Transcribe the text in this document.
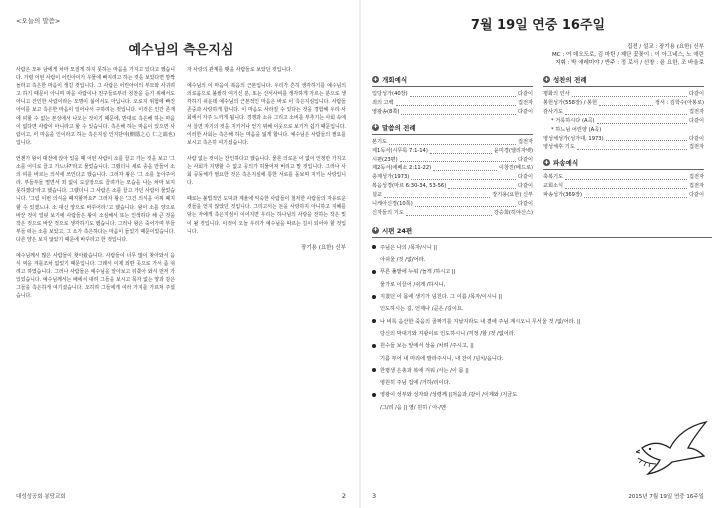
<오늘의 말씀>
예수님의 측은지심

사람은 모두 남에게 차마 모질게 하지 못하는 마음을 가지고 있다고 했습니다. 가령 어떤 사람이 어린아이가 우물에 빠지려고 하는 것을 보았다면 깜짝 놀라고 측은한 마음이 생길 것입니다. 그 사람은 어린아이의 부모와 사귀려고 하기 때문이 아니며 마을 사람이나 친구들로부터 칭찬을 듣기 위해서도 아니고 잔인한 사람이라는 오명이 싫어서도 아닙니다. 오로지 위험에 빠진 아이를 보고 측은한 마음이 일어나서 구하려는 것입니다. 이것은 인간 존재에 피할 수 없는 본성에서 나오는 것이기 때문에, 반대로 측은해 하는 마음이 없다면 사람이 아니라고 할 수 있습니다. 측은해 하는 마음이 있으면 사람이고, 이 마음을 인이라고 하는 측은지심 인지단야(惻隱之心 仁之端也)입니다.

언젠가 왕이 대전에 앉아 있을 때 어떤 사람이 소를 끌고 가는 것을 보고 '그 소를 어디로 끌고 가느냐?'라고 물었습니다. 그랬더니 새로 종을 만들어 소의 피를 바르는 의식에 쓰인다고 했습니다. 그러자 왕은 '그 소를 놓아주어라. 부들부들 떨면서 죄 없이 도살장으로 끌려가는 모습을 나는 차마 보지 못하겠다'라고 했습니다. 그랬더니 그 사람은 소를 끌고 가던 사람이 물었습니다. '그럼 이번 의식을 폐지할까요?' 그러자 왕은 '그건 의식을 어찌 폐지할 수 있겠느냐. 소 대신 양으로 바꾸어라.'고 했습니다. 왕이 소를 양으로 바꾼 것이 얼핏 보기에 사람들은 왕이 소심해서 또는 인색하다 해 큰 것을 작은 것으로 바꾼 것으로 생각하기도 했습니다. 그러나 왕은 죽어가며 부들부들 떠는 소를 보았고, 그 소가 측은하다는 마음이 들었기 때문이었습니다. 다른 양은 보지 않았기 때문에 바꾸라고 한 것입니다.

예수님께서 많은 사람들이 찾아왔습니다. 사람들이 너무 많이 찾아와서 음식 먹을 겨를조차 없었기 때문입니다. 그래서 이제 외딴 곳으로 가서 좀 쉬려고 하였습니다. 그러나 사람들은 예수님을 알아보고 뒤쫓아 와서 먼저 가 있었습니다. 예수님께서는 배에서 내려 그들을 보시고 목자 없는 양과 같은 그들을 측은하게 여기셨습니다. 오히려 그들에게 여러 가지를 가르쳐 주셨습니다.

자 사랑의 관계를 맺을 사람들로 보았던 것입니다.

예수님의 이 마음이 복음의 근본입니다. 우리가 흔히 생각하기를 예수님의 의로움으로 불쌍히 여기신 분, 또는 신서사비를 생각하게 가르는 분으로 생각하기 쉬운데 예수님의 근본적인 마음은 바로 이 측은지심입니다. 사람들 존중과 사랑하게 합니다. 이 마음도 사라질 수 있다는 것을 경험해 우리 사회에서 자주 느끼게 됩니다. 경쟁과 소유 그리고 소비를 부추기는 사회 속에서 살면 자기의 것을 지키거나 얻기 위해 이웃으로 보기가 쉽기 때문입니다. 이러한 사회는 측은해 하는 마음을 잃게 합니다. 예수님은 사람들의 필요를 보시고 측은히 여기셨습니다.

사람 없는 것이는 잔인하다고 했습니다. 물론 의로운 이 없이 인정만 가지고는 사회가 지탱할 수 없고 공의가 허물어져 버리고 말 것입니다. 그러나 사회 공동체가 필요한 것은 측은지심에 통한 서로를 돌보며 지키는 사랑입니다.

때로는 불법적인 도덕과 계율에 익숙한 사람들이 철저한 사람들의 자유로운 것들을 얻지 않았던 것입니다. 그리고서는 돈을 사랑하지 아니하고 지혜를 닦는 자에게 측은지심이 이어지면 우리는 하나님의 사랑을 전하는 작은 빛이 될 것입니다. 이것이 오늘 우리가 예수님을 따르는 길이 되어야 할 것입니다.

장기용 (요한) 신부
대성성공회 봉당교회	2
7월 19일 연중 16주일
집전 / 설교 : 장기용 (요한) 신부
MC : 여 데오도로, 김 마틴 / 제단 꽃꽂이 : 이 아그네스, 노 애린
지휘 : 박 에레미야 / 반주 : 정 로사 / 선창 : 윤 요한, 조 바울로
✚ 개회예식
입당성가(40장)	다같이
죄의 고백	집전자
영광송(8쪽)	다같이
✚ 말씀의 전례
본기도	집전자
제1독서(시무룩 7:1-14)	윤미경(엘리자벳)
시편(23편)	다같이
제2독서(에베소 2:11-22)	이창진(베드로)
층계성가(1973)	다같이
복음성경(마르 6:30-34, 53-56)	다같이
설교	장기용(요한) 신부
니케아신경(10쪽)	다같이
신자들의 기도	강승희(히야신스)
✚ 성찬의 전례
평화의 인사	다같이
봉헌성가(558장) / 봉헌	정서 : 김학수(아봉로)
감사기도	집전자
* 거룩하시다 (A곡)	다같이
* 하느님 어린양 (A곡)
영성체성가(성가대, 1973)	다같이
영성체후 기도	집전자
✚ 파송예식
축복기도	집전자
교회소식	집전자
파송성가(369장)	다같이
✚ 시편 24편
주님은 나의 /목자/시니 ||
아쉬울 /것 /없/어라.
푸른 풀밭에 누워 /놀게 /하시고 ||
물가로 이끌어 /쉬게 /하시니,
지쳤던 이 몸에 생기가 넘친다. 그 이름 /목자/이시니 ||
인도하시는 길, 언제나 /곧은 /길이요.
나 비록 음산한 죽음의 골짜기를 지날지라도 내 곁에 주님 계시오니 무서울 것 /없/어라. ||
당신의 막대기와 지팡이로 인도하시니 /걱정 /할 /것 /없어라.
원수들 보는 앞에서 상을 /차려 /주시고, ||
기름 부어 내 머리에 발라주시니, 내 잔이 /넘치/옵니다.
한평생 은총과 복에 겨워 /사는 /이 몸 ||
영원히 주님 집에 /거하/리이다.
영광이 성부와 성자와 /성령께 ||처음과 /같이 /이제와 /지금도
/그/리 /음 || 영/ 원히 / 아-/멘
3	2015년 7월 19일 연중 16주일
